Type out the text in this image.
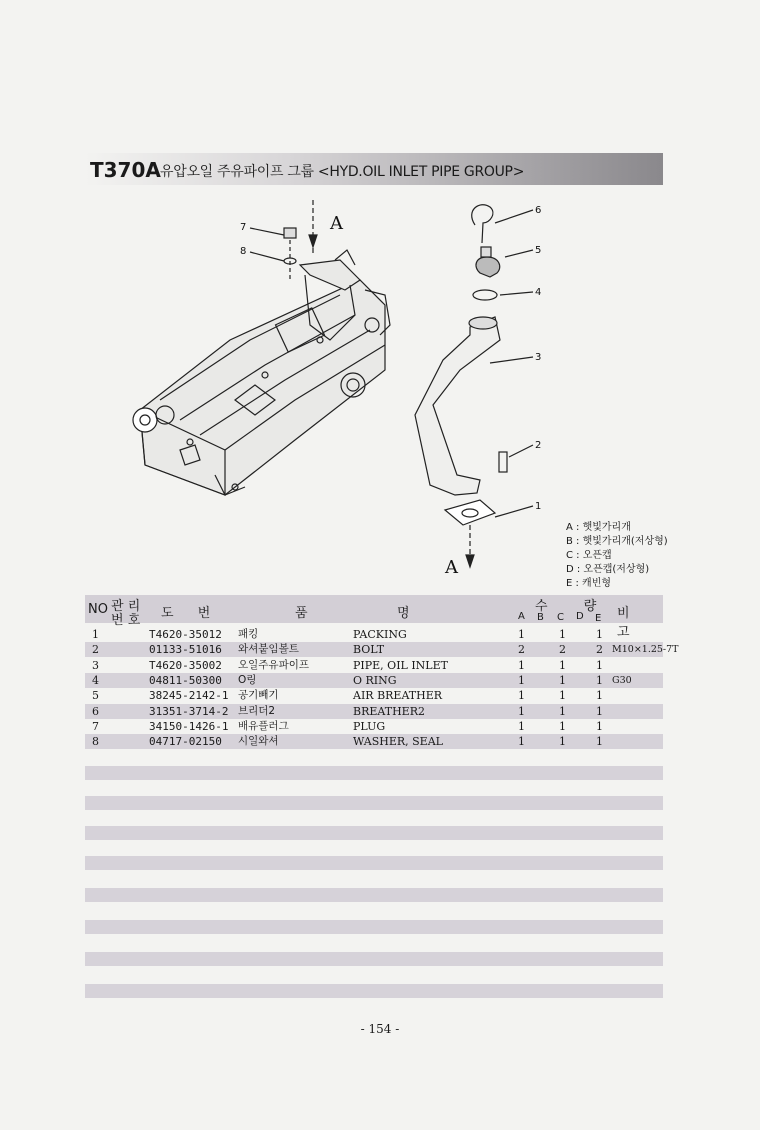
T370A 유압오일 주유파이프 그룹 <HYD.OIL INLET PIPE GROUP>
A
A
7
8
6
5
4
3
2
1
A : 햇빛가리개
B : 햇빛가리개(저상형)
C : 오픈캡
D : 오픈캡(저상형)
E : 캐빈형
NO 관 리
번 호 도 번	품	명	수 량
A B C D E 비 고
1	T4620-35012 패킹	PACKING	1	1	1
2	01133-51016 와셔붙임볼트	BOLT	2	2	2 M10×1.25-7T
3	T4620-35002 오일주유파이프	PIPE, OIL INLET	1	1	1
4	04811-50300 O링	O RING	1	1	1 G30
5	38245-2142-1 공기빼기	AIR BREATHER	1	1	1
6	31351-3714-2 브리더2	BREATHER2	1	1	1
7	34150-1426-1 배유플러그	PLUG	1	1	1
8	04717-02150 시일와셔	WASHER, SEAL	1	1	1
- 154 -
